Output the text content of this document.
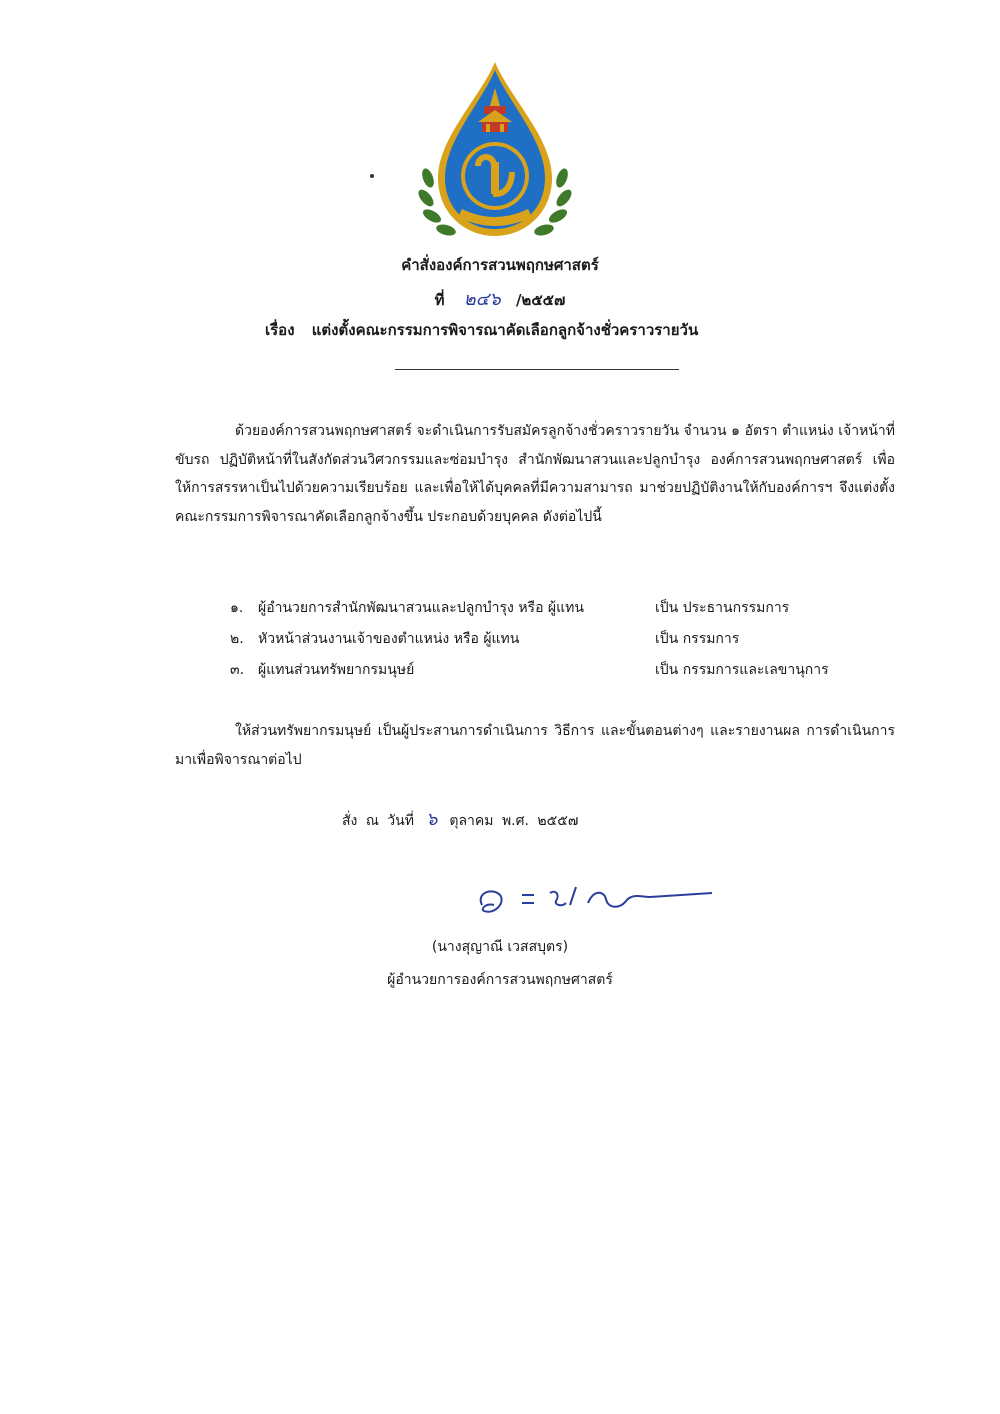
คำสั่งองค์การสวนพฤกษศาสตร์
ที่ ๒๔๖ /๒๕๕๗
เรื่อง แต่งตั้งคณะกรรมการพิจารณาคัดเลือกลูกจ้างชั่วคราวรายวัน
ด้วยองค์การสวนพฤกษศาสตร์ จะดำเนินการรับสมัครลูกจ้างชั่วคราวรายวัน จำนวน ๑ อัตรา ตำแหน่ง เจ้าหน้าที่ขับรถ ปฏิบัติหน้าที่ในสังกัดส่วนวิศวกรรมและซ่อมบำรุง สำนักพัฒนาสวนและปลูกบำรุง องค์การสวนพฤกษศาสตร์ เพื่อให้การสรรหาเป็นไปด้วยความเรียบร้อย และเพื่อให้ได้บุคคลที่มีความสามารถ มาช่วยปฏิบัติงานให้กับองค์การฯ จึงแต่งตั้งคณะกรรมการพิจารณาคัดเลือกลูกจ้างขึ้น ประกอบด้วยบุคคล ดังต่อไปนี้
๑. ผู้อำนวยการสำนักพัฒนาสวนและปลูกบำรุง หรือ ผู้แทน	เป็น ประธานกรรมการ
๒. หัวหน้าส่วนงานเจ้าของตำแหน่ง หรือ ผู้แทน	เป็น กรรมการ
๓. ผู้แทนส่วนทรัพยากรมนุษย์	เป็น กรรมการและเลขานุการ
ให้ส่วนทรัพยากรมนุษย์ เป็นผู้ประสานการดำเนินการ วิธีการ และขั้นตอนต่างๆ และรายงานผล การดำเนินการมาเพื่อพิจารณาต่อไป
สั่ง ณ วันที่ ๖ ตุลาคม พ.ศ. ๒๕๕๗
(นางสุญาณี เวสสบุตร)
ผู้อำนวยการองค์การสวนพฤกษศาสตร์
